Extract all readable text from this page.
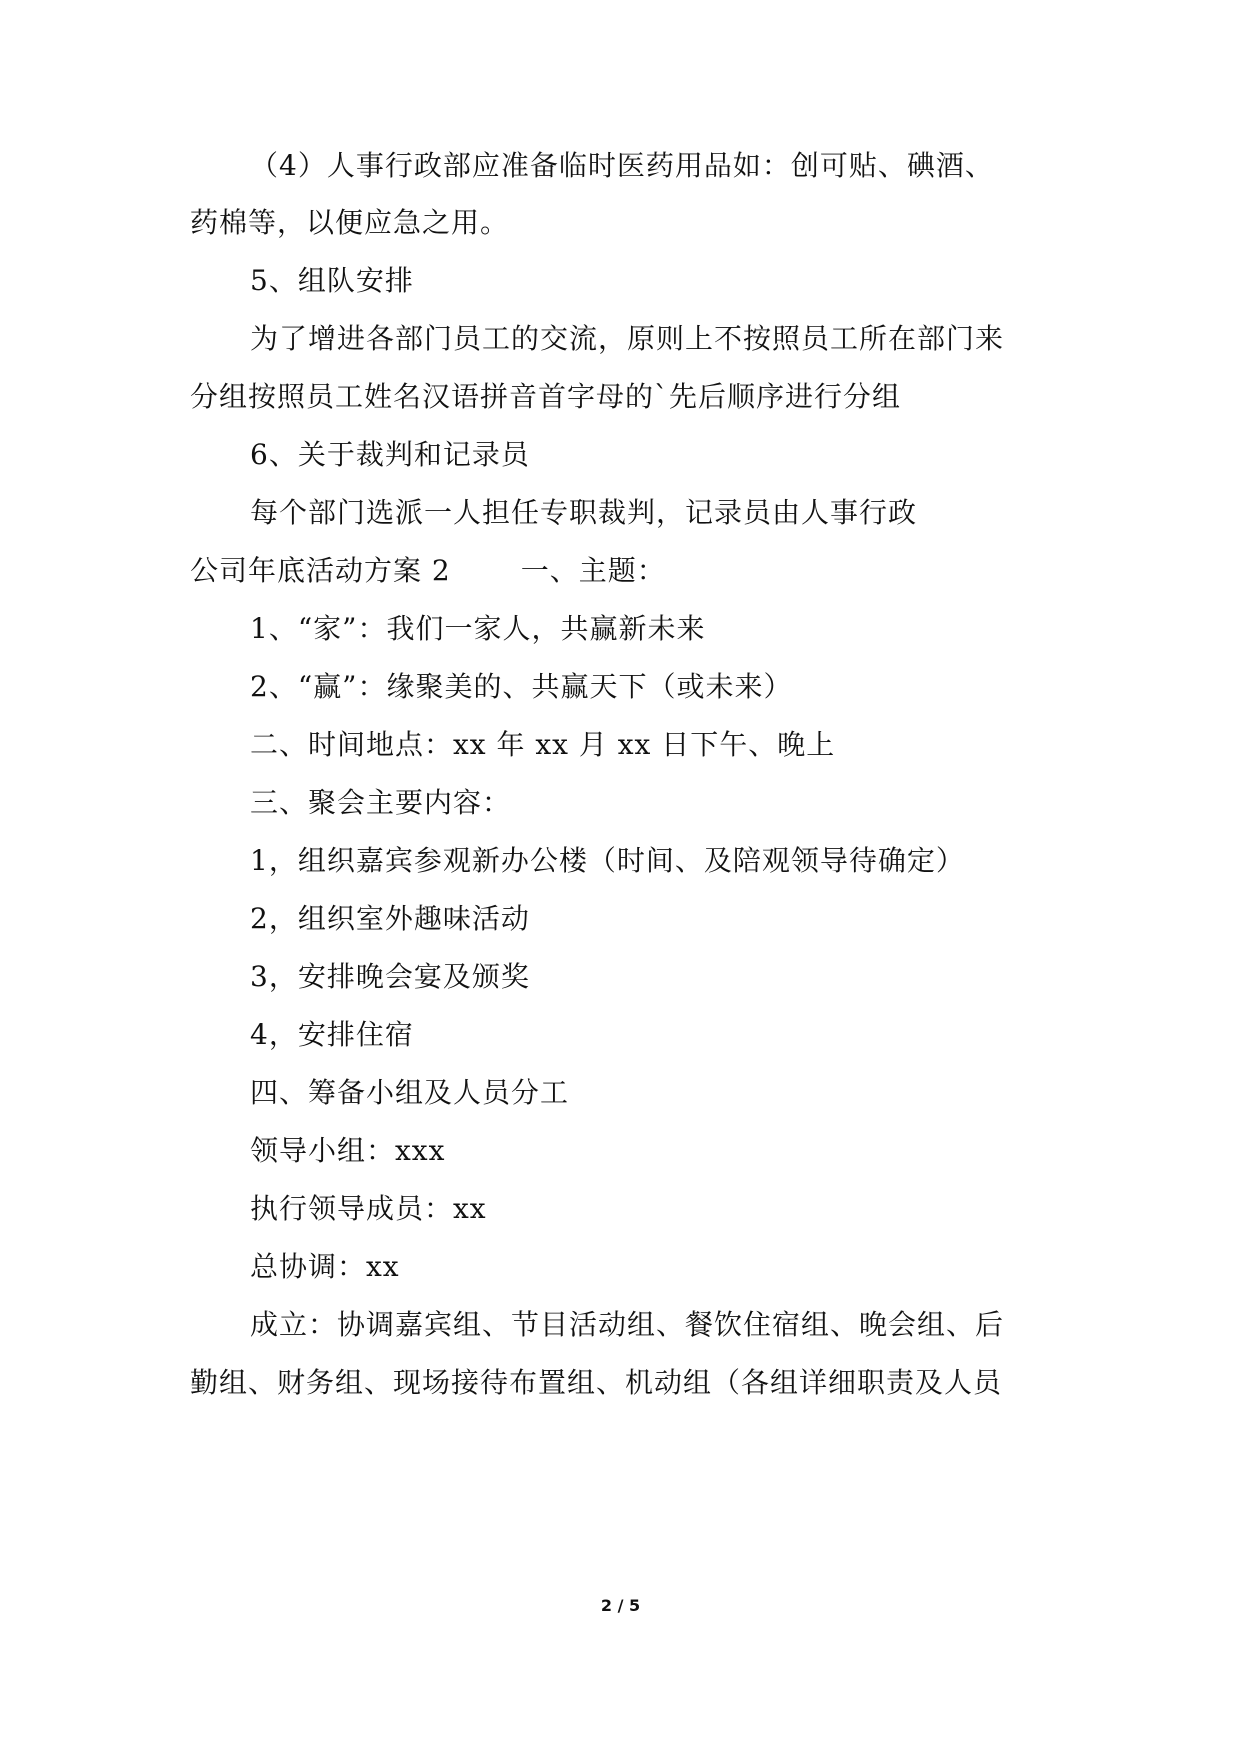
（4）人事行政部应准备临时医药用品如：创可贴、碘酒、
药棉等，以便应急之用。
5、组队安排
为了增进各部门员工的交流，原则上不按照员工所在部门来
分组按照员工姓名汉语拼音首字母的`先后顺序进行分组
6、关于裁判和记录员
每个部门选派一人担任专职裁判，记录员由人事行政
公司年底活动方案 2	一、主题：
1、“家”：我们一家人，共赢新未来
2、“赢”：缘聚美的、共赢天下（或未来）
二、时间地点：xx 年 xx 月 xx 日下午、晚上
三、聚会主要内容：
1，组织嘉宾参观新办公楼（时间、及陪观领导待确定）
2，组织室外趣味活动
3，安排晚会宴及颁奖
4，安排住宿
四、筹备小组及人员分工
领导小组：xxx
执行领导成员：xx
总协调：xx
成立：协调嘉宾组、节目活动组、餐饮住宿组、晚会组、后
勤组、财务组、现场接待布置组、机动组（各组详细职责及人员
2 / 5
